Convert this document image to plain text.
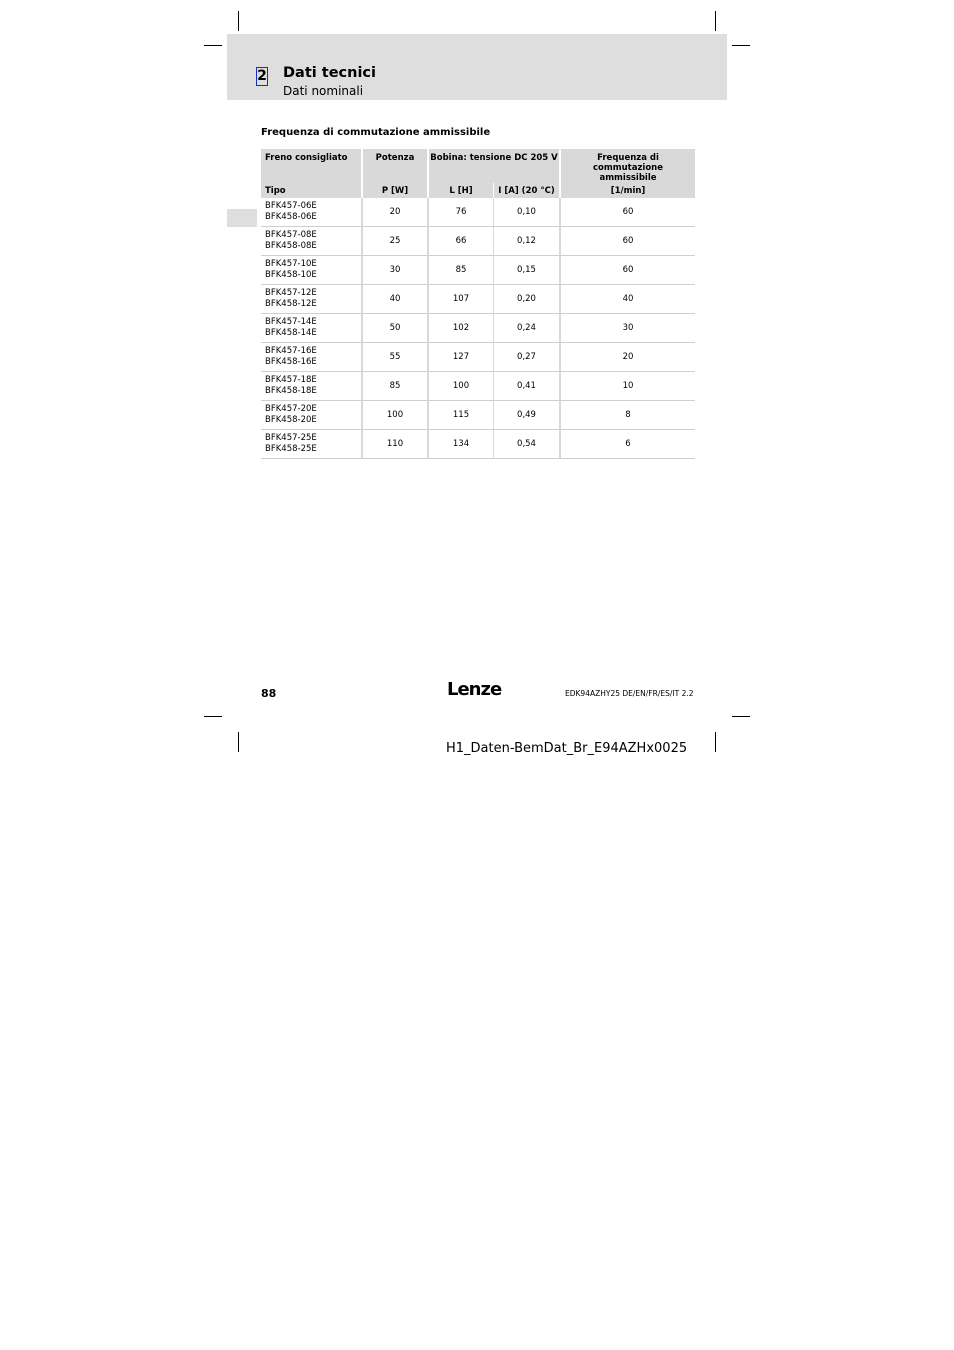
2 Dati tecnici
Dati nominali
Frequenza di commutazione ammissibile
Freno consigliato	Potenza	Bobina: tensione DC 205 V		Frequenza di commutazione
ammissibile
Tipo	P [W]	L [H]	I [A] (20 °C)	[1/min]
BFK457-06E
BFK458-06E	20	76	0,10	60
BFK457-08E
BFK458-08E	25	66	0,12	60
BFK457-10E
BFK458-10E	30	85	0,15	60
BFK457-12E
BFK458-12E	40	107	0,20	40
BFK457-14E
BFK458-14E	50	102	0,24	30
BFK457-16E
BFK458-16E	55	127	0,27	20
BFK457-18E
BFK458-18E	85	100	0,41	10
BFK457-20E
BFK458-20E	100	115	0,49	8
BFK457-25E
BFK458-25E	110	134	0,54	6
88	Lenze	EDK94AZHY25 DE/EN/FR/ES/IT 2.2
H1_Daten-BemDat_Br_E94AZHx0025
